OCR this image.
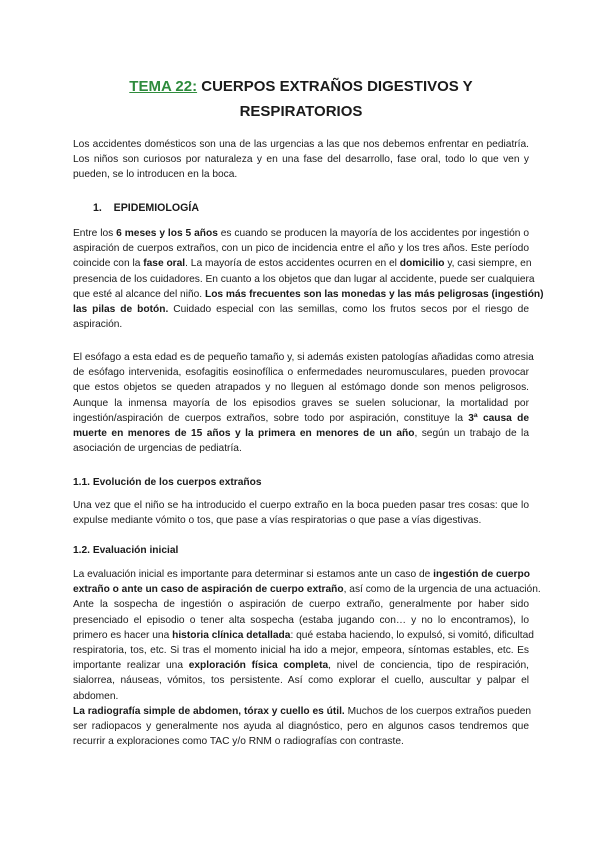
TEMA 22: CUERPOS EXTRAÑOS DIGESTIVOS Y
RESPIRATORIOS
Los accidentes domésticos son una de las urgencias a las que nos debemos enfrentar en pediatría.
Los niños son curiosos por naturaleza y en una fase del desarrollo, fase oral, todo lo que ven y
pueden, se lo introducen en la boca.
1. EPIDEMIOLOGÍA
Entre los 6 meses y los 5 años es cuando se producen la mayoría de los accidentes por ingestión o
aspiración de cuerpos extraños, con un pico de incidencia entre el año y los tres años. Este período
coincide con la fase oral. La mayoría de estos accidentes ocurren en el domicilio y, casi siempre, en
presencia de los cuidadores. En cuanto a los objetos que dan lugar al accidente, puede ser cualquiera
que esté al alcance del niño. Los más frecuentes son las monedas y las más peligrosas (ingestión)
las pilas de botón. Cuidado especial con las semillas, como los frutos secos por el riesgo de
aspiración.
El esófago a esta edad es de pequeño tamaño y, si además existen patologías añadidas como atresia
de esófago intervenida, esofagitis eosinofílica o enfermedades neuromusculares, pueden provocar
que estos objetos se queden atrapados y no lleguen al estómago donde son menos peligrosos.
Aunque la inmensa mayoría de los episodios graves se suelen solucionar, la mortalidad por
ingestión/aspiración de cuerpos extraños, sobre todo por aspiración, constituye la 3ª causa de
muerte en menores de 15 años y la primera en menores de un año, según un trabajo de la
asociación de urgencias de pediatría.
1.1. Evolución de los cuerpos extraños
Una vez que el niño se ha introducido el cuerpo extraño en la boca pueden pasar tres cosas: que lo
expulse mediante vómito o tos, que pase a vías respiratorias o que pase a vías digestivas.
1.2. Evaluación inicial
La evaluación inicial es importante para determinar si estamos ante un caso de ingestión de cuerpo
extraño o ante un caso de aspiración de cuerpo extraño, así como de la urgencia de una actuación.
Ante la sospecha de ingestión o aspiración de cuerpo extraño, generalmente por haber sido
presenciado el episodio o tener alta sospecha (estaba jugando con… y no lo encontramos), lo
primero es hacer una historia clínica detallada: qué estaba haciendo, lo expulsó, si vomitó, dificultad
respiratoria, tos, etc. Si tras el momento inicial ha ido a mejor, empeora, síntomas estables, etc. Es
importante realizar una exploración física completa, nivel de conciencia, tipo de respiración,
sialorrea, náuseas, vómitos, tos persistente. Así como explorar el cuello, auscultar y palpar el
abdomen.
La radiografía simple de abdomen, tórax y cuello es útil. Muchos de los cuerpos extraños pueden
ser radiopacos y generalmente nos ayuda al diagnóstico, pero en algunos casos tendremos que
recurrir a exploraciones como TAC y/o RNM o radiografías con contraste.
